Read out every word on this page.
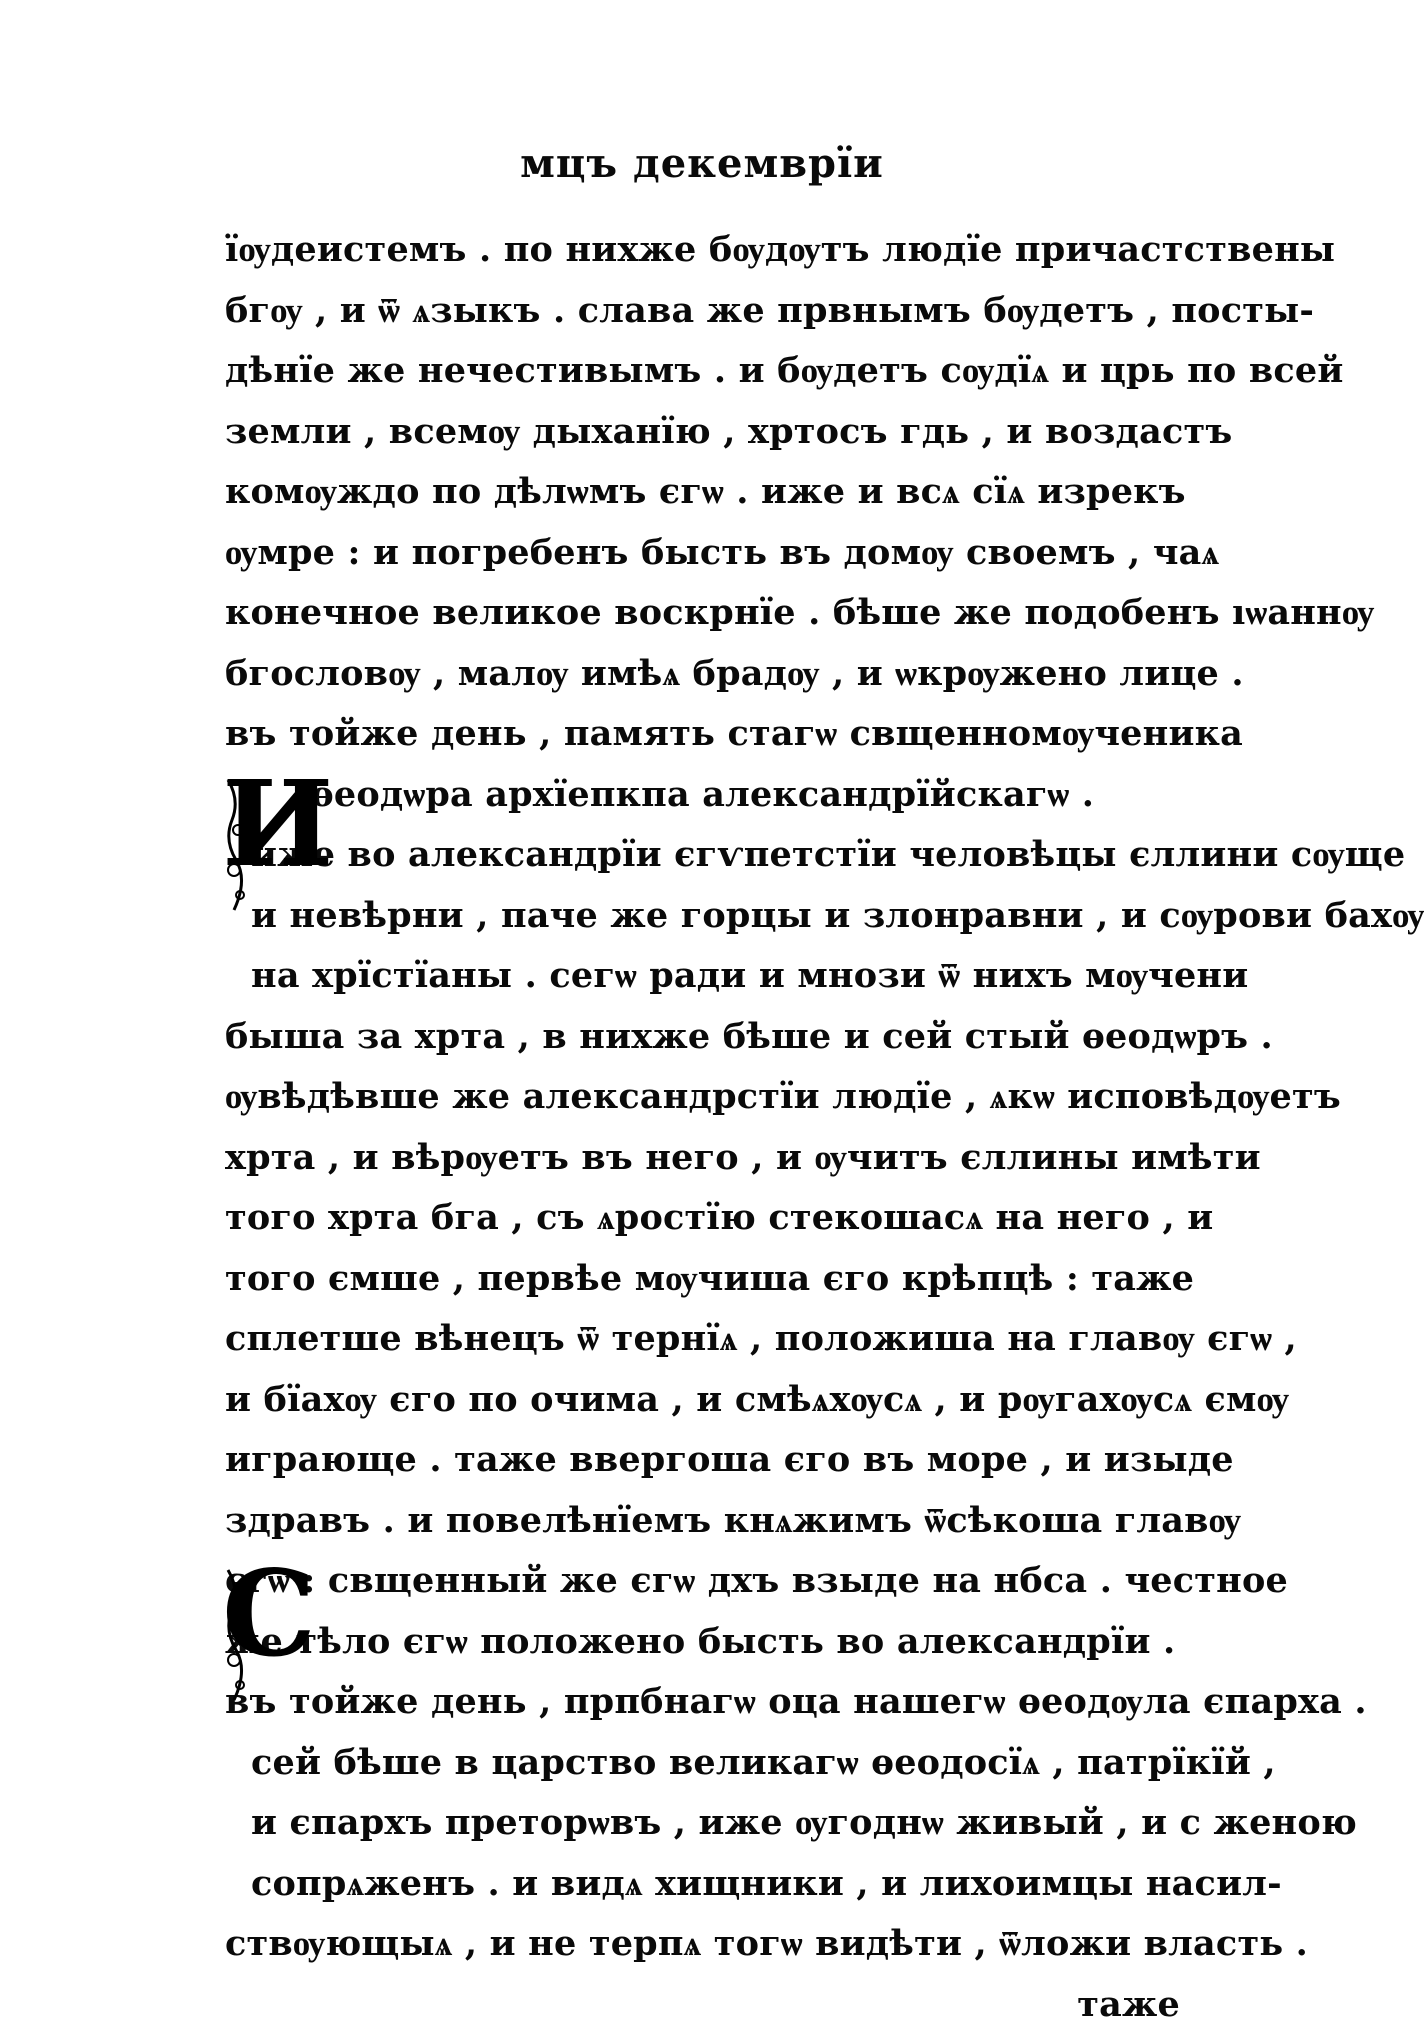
мцъ декемврїи
їѹдеистемъ . по нихже бѹдѹтъ людїе причастствены
бгѹ , и ѿ ѧзыкъ . слава же првнымъ бѹдетъ , посты-
дѣнїе же нечестивымъ . и бѹдетъ сѹдїѧ и црь по всей
земли , всемѹ дыханїю , хртосъ гдь , и воздастъ
комѹждо по дѣлѡмъ єгѡ . иже и всѧ сїѧ изрекъ
ѹмре : и погребенъ бысть въ домѹ своемъ , чаѧ
конечное великое воскрнїе . бѣше же подобенъ ıѡаннѹ
бгословѹ , малѹ имѣѧ брадѹ , и ѡкрѹжено лице .
въ тойже день , память стагѡ свщенномѹченика
ѳеодѡра архїепкпа александрїйскагѡ .
иже во александрїи єгѵпетстїи человѣцы єллини сѹще
и невѣрни , паче же горцы и злонравни , и сѹрови бахѹ
на хрїстїаны . сегѡ ради и мнози ѿ нихъ мѹчени
быша за хрта , в нихже бѣше и сей стый ѳеодѡръ .
ѹвѣдѣвше же александрстїи людїе , ѧкѡ исповѣдѹетъ
хрта , и вѣрѹетъ въ него , и ѹчитъ єллины имѣти
того хрта бга , съ ѧростїю стекошасѧ на него , и
того ємше , первѣе мѹчиша єго крѣпцѣ : таже
сплетше вѣнецъ ѿ тернїѧ , положиша на главѹ єгѡ ,
и бїахѹ єго по очима , и смѣѧхѹсѧ , и рѹгахѹсѧ ємѹ
играюще . таже ввергоша єго въ море , и изыде
здравъ . и повелѣнїемъ кнѧжимъ ѿсѣкоша главѹ
єгѡ : свщенный же єгѡ дхъ взыде на нбса . честное
же тѣло єгѡ положено бысть во александрїи .
въ тойже день , прпбнагѡ оца нашегѡ ѳеодѹла єпарха .
сей бѣше в царство великагѡ ѳеодосїѧ , патрїкїй ,
и єпархъ преторѡвъ , иже ѹгоднѡ живый , и с женою
сопрѧженъ . и видѧ хищники , и лихоимцы насил-
ствѹющыѧ , и не терпѧ тогѡ видѣти , ѿложи власть .
таже
И
С
